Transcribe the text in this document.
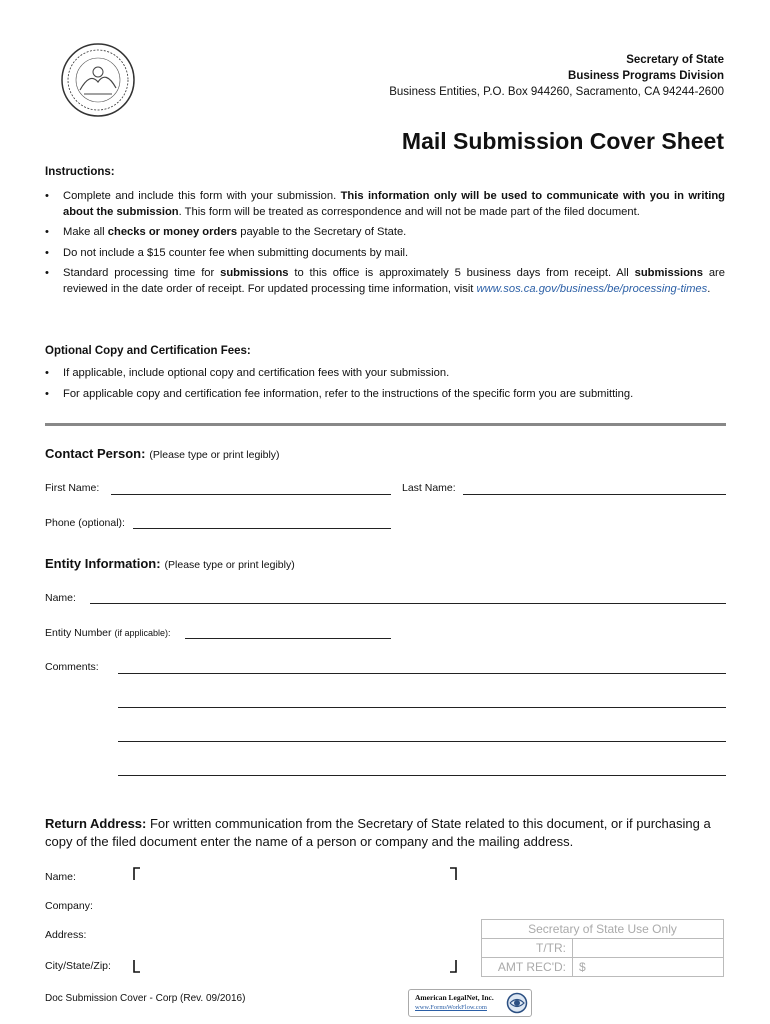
Secretary of State
Business Programs Division
Business Entities, P.O. Box 944260, Sacramento, CA 94244-2600
Mail Submission Cover Sheet
Instructions:
• Complete and include this form with your submission. This information only will be used to communicate with you in writing about the submission. This form will be treated as correspondence and will not be made part of the filed document.
• Make all checks or money orders payable to the Secretary of State.
• Do not include a $15 counter fee when submitting documents by mail.
• Standard processing time for submissions to this office is approximately 5 business days from receipt. All submissions are reviewed in the date order of receipt. For updated processing time information, visit www.sos.ca.gov/business/be/processing-times.
Optional Copy and Certification Fees:
• If applicable, include optional copy and certification fees with your submission.
• For applicable copy and certification fee information, refer to the instructions of the specific form you are submitting.
Contact Person: (Please type or print legibly)
First Name:	Last Name:
Phone (optional):
Entity Information: (Please type or print legibly)
Name:
Entity Number (if applicable):
Comments:
Return Address: For written communication from the Secretary of State related to this document, or if purchasing a copy of the filed document enter the name of a person or company and the mailing address.
Name:
Company:
Address:
City/State/Zip:
Secretary of State Use Only	
T/TR:	
AMT REC'D:	$
Doc Submission Cover - Corp (Rev. 09/2016)	American LegalNet, Inc.
www.FormsWorkFlow.com
